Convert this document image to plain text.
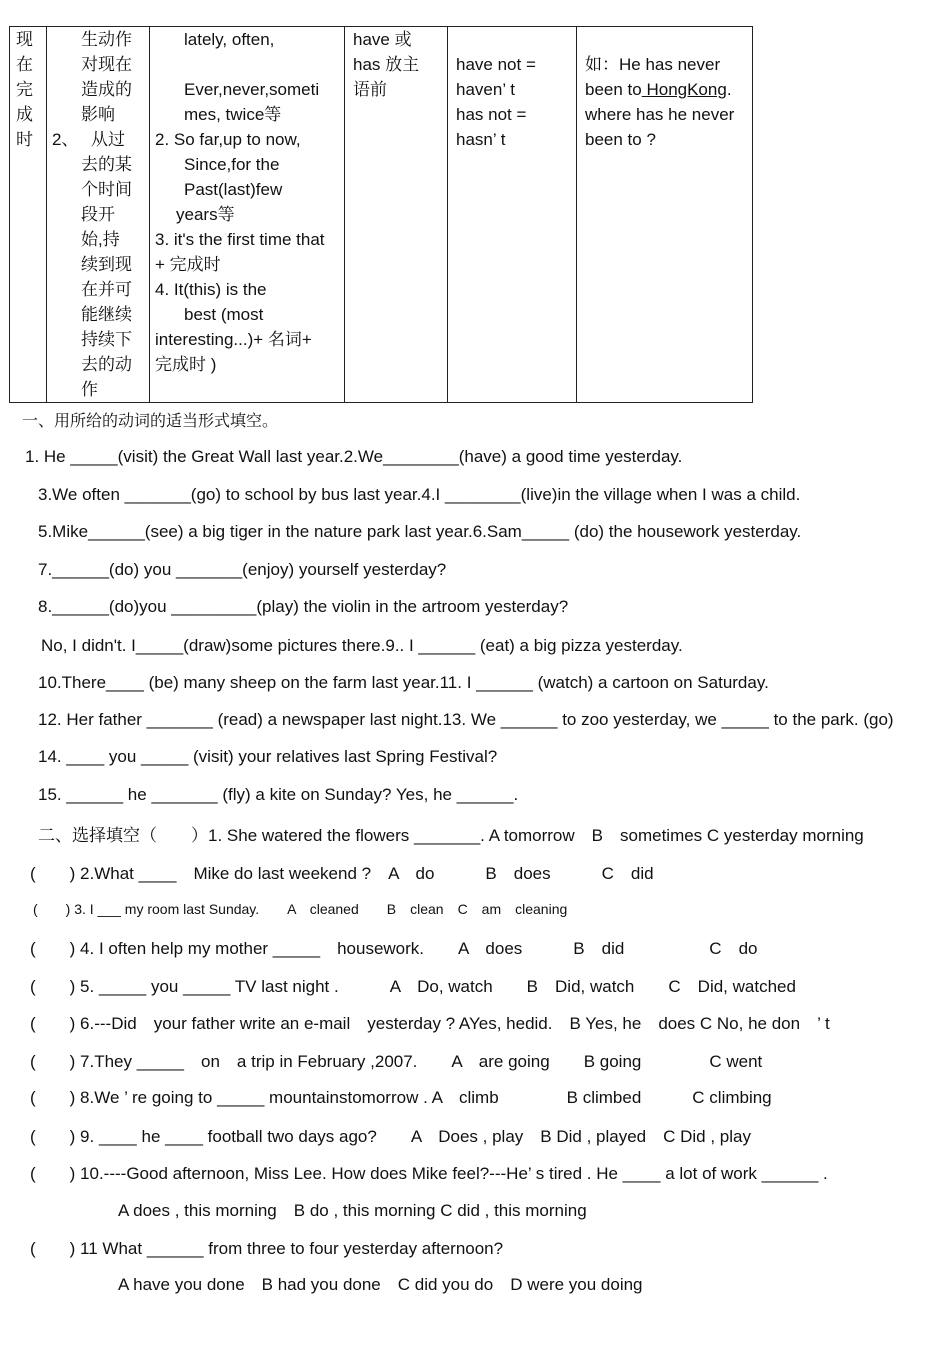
现
在
完
成
时

生动作
对现在
造成的
影响
2、 从过
去的某
个时间
段开
始,持
续到现
在并可
能继续
持续下
去的动
作

lately, often,

Ever,never,someti
mes, twice等
2. So far,up to now,
Since,for the
Past(last)few
years等
3. it's the first time that
+ 完成时
4. It(this) is the
best (most
interesting...)+ 名词+
完成时 )

have 或
has 放主
语前

have not =
haven’ t
has not =
hasn’ t

如：He has never
been to HongKong.
where has he never
been to ?
一、用所给的动词的适当形式填空。
1. He _____(visit) the Great Wall last year.2.We________(have) a good time yesterday.
3.We often _______(go) to school by bus last year.4.I ________(live)in the village when I was a child.
5.Mike______(see) a big tiger in the nature park last year.6.Sam_____ (do) the housework yesterday.
7.______(do) you _______(enjoy) yourself yesterday?
8.______(do)you _________(play) the violin in the artroom yesterday?
No, I didn't. I_____(draw)some pictures there.9.. I ______ (eat) a big pizza yesterday.
10.There____ (be) many sheep on the farm last year.11. I ______ (watch) a cartoon on Saturday.
12. Her father _______ (read) a newspaper last night.13. We ______ to zoo yesterday, we _____ to the park. (go)
14. ____ you _____ (visit) your relatives last Spring Festival?
15. ______ he _______ (fly) a kite on Sunday? Yes, he ______.
二、选择填空（　　）1. She watered the flowers _______. A tomorrow　B　sometimes C yesterday morning
(　　) 2.What ____　Mike do last weekend ?　A　do　　　B　does　　　C　did
(　　) 3. I ___ my room last Sunday.　　A　cleaned　　B　clean　C　am　cleaning
(　　) 4. I often help my mother _____　housework.　　A　does　　　B　did　　　　　C　do
(　　) 5. _____ you _____ TV last night .　　　A　Do, watch　　B　Did, watch　　C　Did, watched
(　　) 6.---Did　your father write an e-mail　yesterday ? AYes, hedid.　B Yes, he　does C No, he don　’ t
(　　) 7.They _____　on　a trip in February ,2007.　　A　are going　　B going　　　　C went
(　　) 8.We ’ re going to _____ mountainstomorrow . A　climb　　　　B climbed　　　C climbing
(　　) 9. ____ he ____ football two days ago?　　A　Does , play　B Did , played　C Did , play
(　　) 10.----Good afternoon, Miss Lee. How does Mike feel?---He’ s tired . He ____ a lot of work ______ .
A does , this morning　B do , this morning C did , this morning
(　　) 11 What ______ from three to four yesterday afternoon?
A have you done　B had you done　C did you do　D were you doing
